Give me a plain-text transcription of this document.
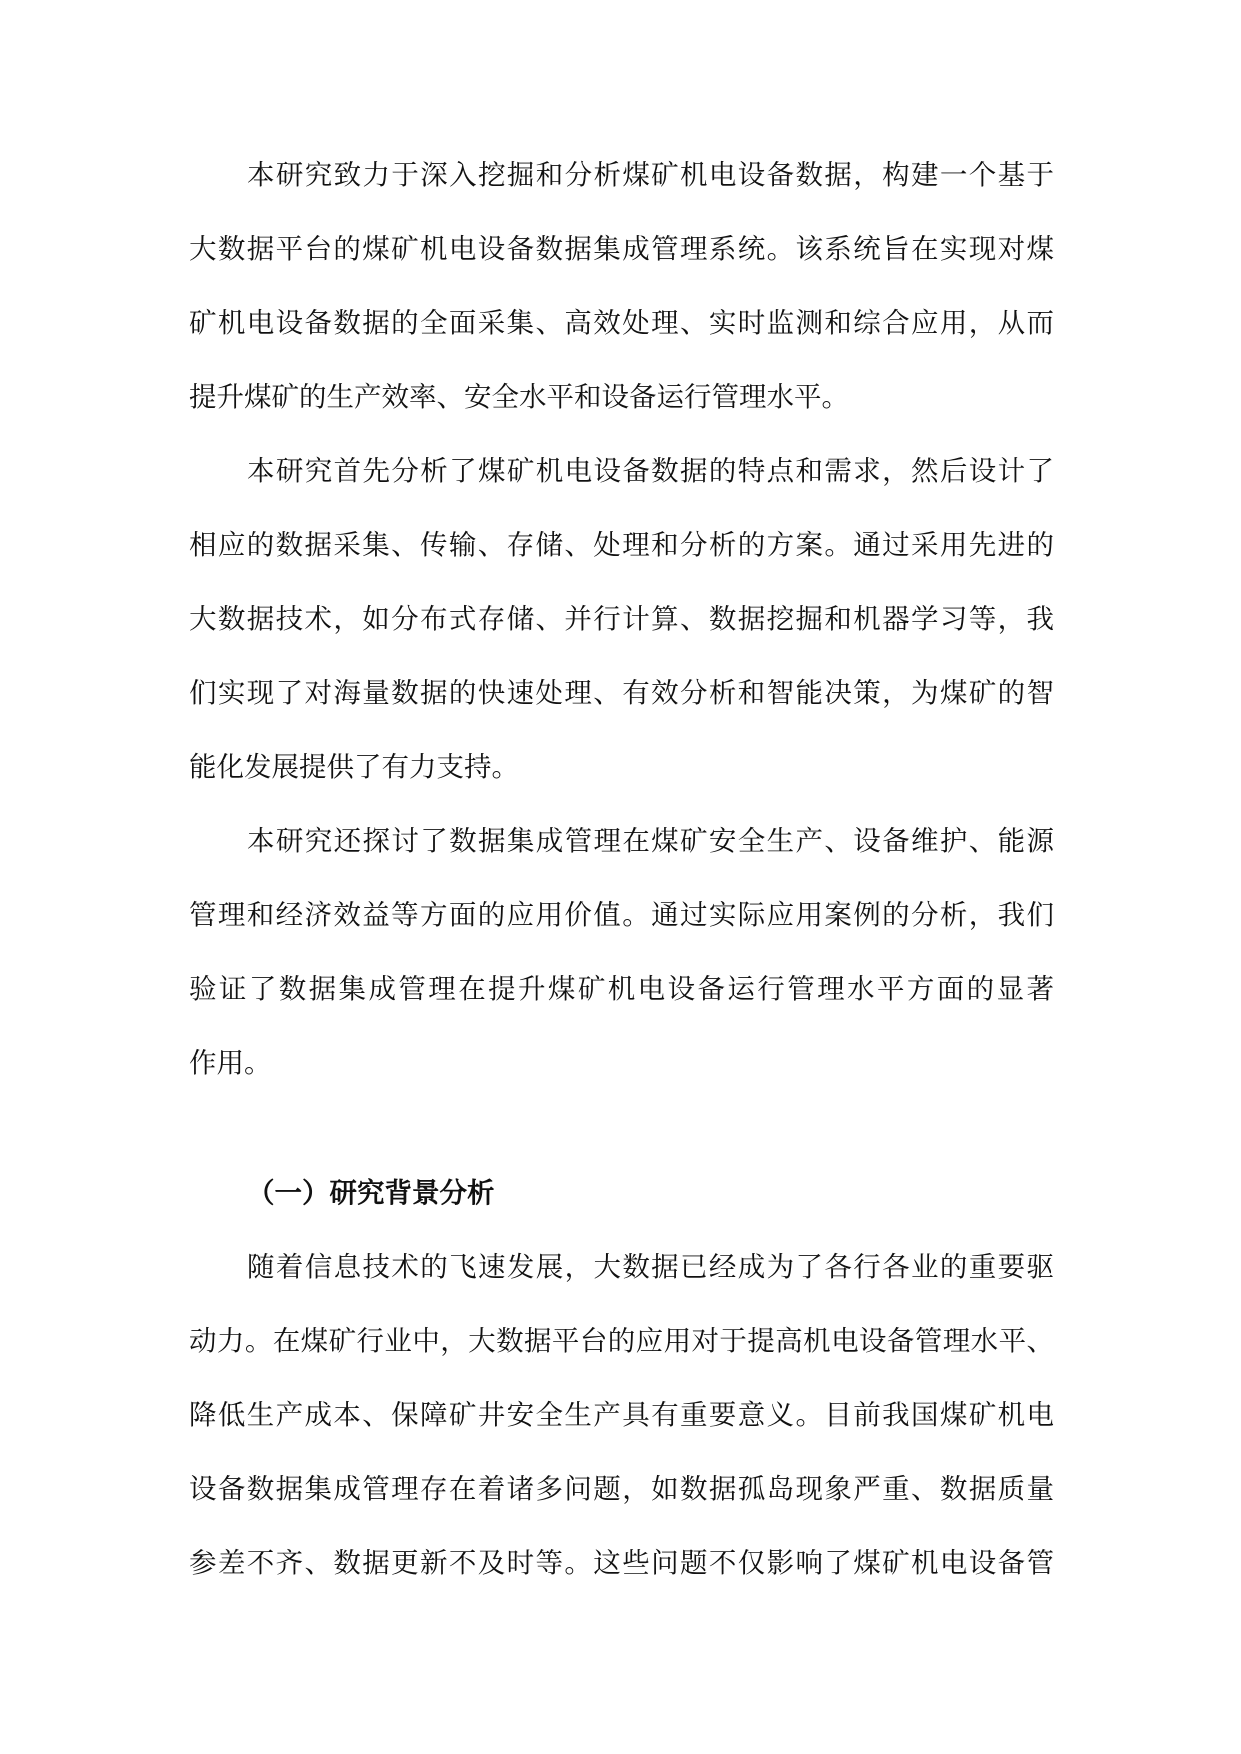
本研究致力于深入挖掘和分析煤矿机电设备数据，构建一个基于
大数据平台的煤矿机电设备数据集成管理系统。该系统旨在实现对煤
矿机电设备数据的全面采集、高效处理、实时监测和综合应用，从而
提升煤矿的生产效率、安全水平和设备运行管理水平。
本研究首先分析了煤矿机电设备数据的特点和需求，然后设计了
相应的数据采集、传输、存储、处理和分析的方案。通过采用先进的
大数据技术，如分布式存储、并行计算、数据挖掘和机器学习等，我
们实现了对海量数据的快速处理、有效分析和智能决策，为煤矿的智
能化发展提供了有力支持。
本研究还探讨了数据集成管理在煤矿安全生产、设备维护、能源
管理和经济效益等方面的应用价值。通过实际应用案例的分析，我们
验证了数据集成管理在提升煤矿机电设备运行管理水平方面的显著
作用。
（一）研究背景分析
随着信息技术的飞速发展，大数据已经成为了各行各业的重要驱
动力。在煤矿行业中，大数据平台的应用对于提高机电设备管理水平、
降低生产成本、保障矿井安全生产具有重要意义。目前我国煤矿机电
设备数据集成管理存在着诸多问题，如数据孤岛现象严重、数据质量
参差不齐、数据更新不及时等。这些问题不仅影响了煤矿机电设备管
